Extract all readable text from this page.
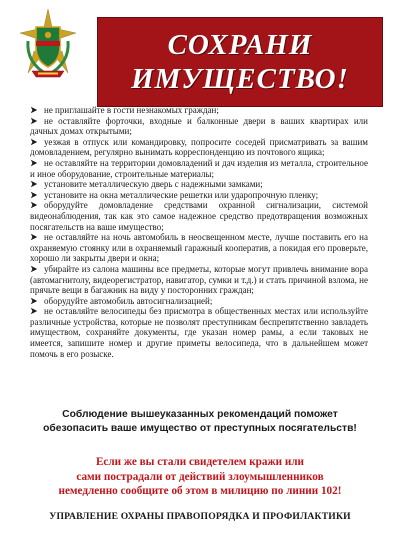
СОХРАНИ
ИМУЩЕСТВО!
не приглашайте в гости незнакомых граждан;
не оставляйте форточки, входные и балконные двери в ваших квартирах или дачных домах открытыми;
уезжая в отпуск или командировку, попросите соседей присматривать за вашим домовладением, регулярно вынимать корреспонденцию из почтового ящика;
не оставляйте на территории домовладений и дач изделия из металла, строительное и иное оборудование, строительные материалы;
установите металлическую дверь с надежными замками;
установите на окна металлические решетки или ударопрочную пленку;
оборудуйте домовладение средствами охранной сигнализации, системой видеонаблюдения, так как это самое надежное средство предотвращения возможных посягательств на ваше имущество;
не оставляйте на ночь автомобиль в неосвещенном месте, лучше поставить его на охраняемую стоянку или в охраняемый гаражный кооператив, а покидая его проверьте, хорошо ли закрыты двери и окна;
убирайте из салона машины все предметы, которые могут привлечь внимание вора (автомагнитолу, видеорегистратор, навигатор, сумки и т.д.) и стать причиной взлома, не прячьте вещи в багажник на виду у посторонних граждан;
оборудуйте автомобиль автосигнализацией;
не оставляйте велосипеды без присмотра в общественных местах или используйте различные устройства, которые не позволят преступникам беспрепятственно завладеть имуществом, сохраняйте документы, где указан номер рамы, а если таковых не имеется, запишите номер и другие приметы велосипеда, что в дальнейшем может помочь в его розыске.
Соблюдение вышеуказанных рекомендаций поможет
обезопасить ваше имущество от преступных посягательств!
Если же вы стали свидетелем кражи или
сами пострадали от действий злоумышленников
немедленно сообщите об этом в милицию по линии 102!
УПРАВЛЕНИЕ ОХРАНЫ ПРАВОПОРЯДКА И ПРОФИЛАКТИКИ
